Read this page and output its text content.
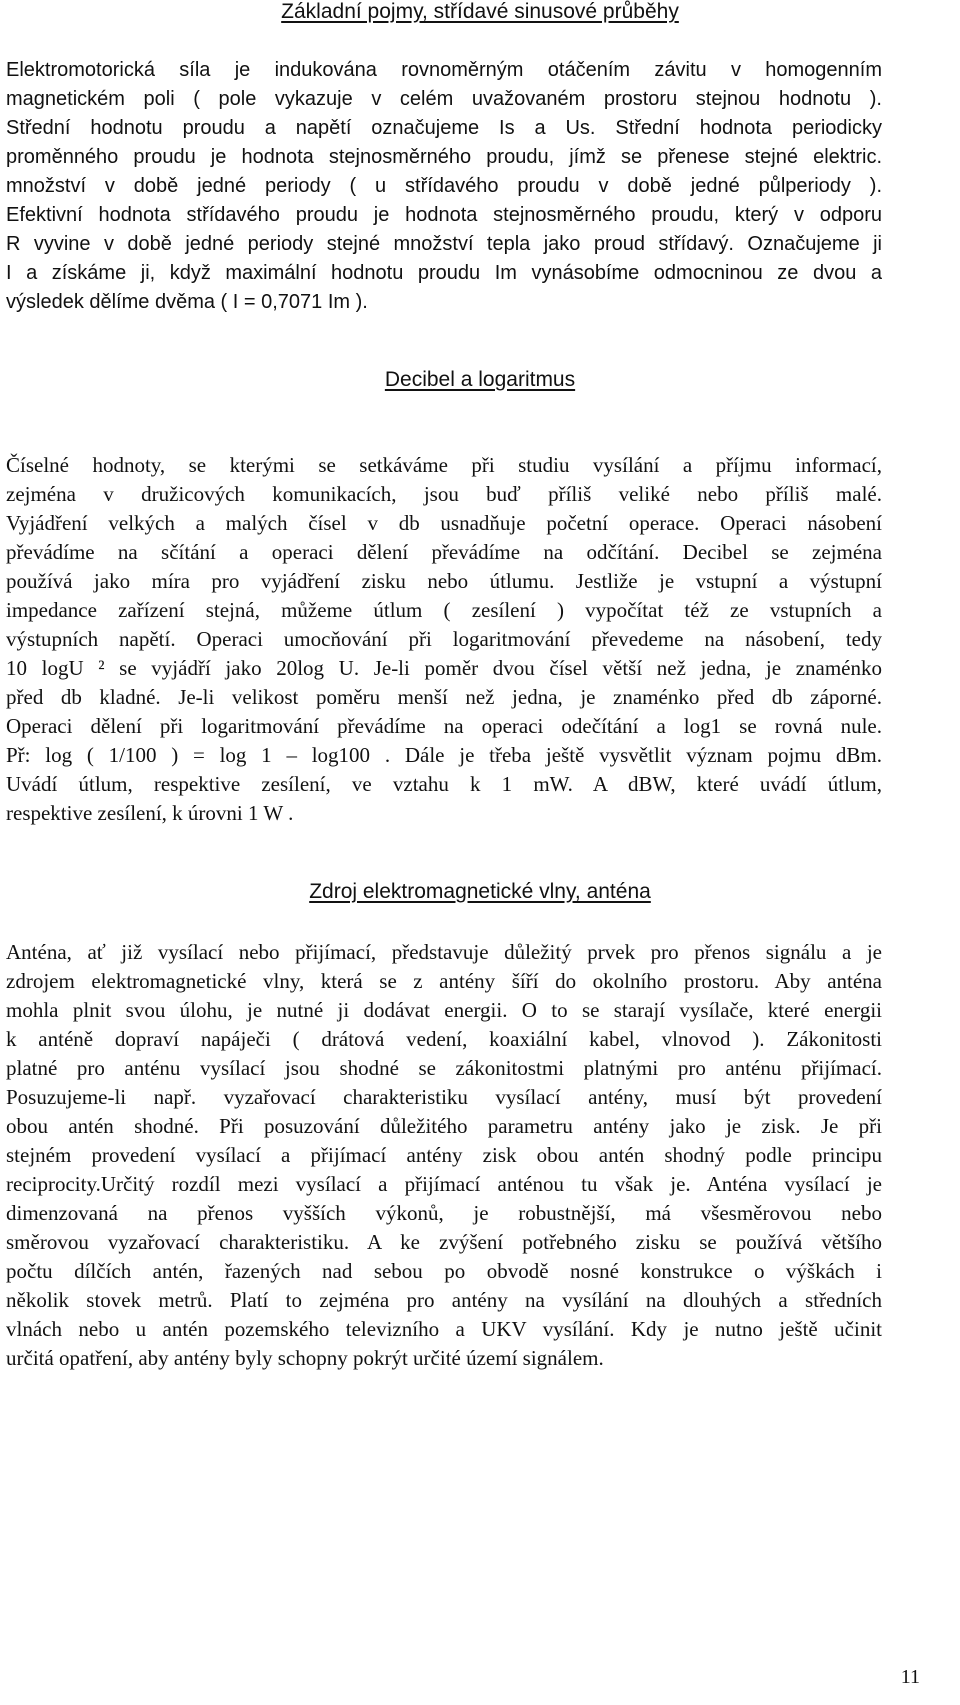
Základní pojmy, střídavé sinusové průběhy
Elektromotorická síla je indukována rovnoměrným otáčením závitu v homogenním
magnetickém poli ( pole vykazuje v celém uvažovaném prostoru stejnou hodnotu ).
Střední hodnotu proudu a napětí označujeme Is a Us. Střední hodnota periodicky
proměnného proudu je hodnota stejnosměrného proudu, jímž se přenese stejné elektric.
množství v době jedné periody ( u střídavého proudu v době jedné půlperiody ).
Efektivní hodnota střídavého proudu je hodnota stejnosměrného proudu, který v odporu
R vyvine v době jedné periody stejné množství tepla jako proud střídavý. Označujeme ji
I a získáme ji, když maximální hodnotu proudu Im vynásobíme odmocninou ze dvou a
výsledek dělíme dvěma ( I = 0,7071 Im ).
Decibel a logaritmus
Číselné hodnoty, se kterými se setkáváme při studiu vysílání a příjmu informací,
zejména v družicových komunikacích, jsou buď příliš veliké nebo příliš malé.
Vyjádření velkých a malých čísel v db usnadňuje početní operace. Operaci násobení
převádíme na sčítání a operaci dělení převádíme na odčítání. Decibel se zejména
používá jako míra pro vyjádření zisku nebo útlumu. Jestliže je vstupní a výstupní
impedance zařízení stejná, můžeme útlum ( zesílení ) vypočítat též ze vstupních a
výstupních napětí. Operaci umocňování při logaritmování převedeme na násobení, tedy
10 logU ² se vyjádří jako 20log U. Je-li poměr dvou čísel větší než jedna, je znaménko
před db kladné. Je-li velikost poměru menší než jedna, je znaménko před db záporné.
Operaci dělení při logaritmování převádíme na operaci odečítání a log1 se rovná nule.
Př: log ( 1/100 ) = log 1 – log100 . Dále je třeba ještě vysvětlit význam pojmu dBm.
Uvádí útlum, respektive zesílení, ve vztahu k 1 mW. A dBW, které uvádí útlum,
respektive zesílení, k úrovni 1 W .
Zdroj elektromagnetické vlny, anténa
Anténa, ať již vysílací nebo přijímací, představuje důležitý prvek pro přenos signálu a je
zdrojem elektromagnetické vlny, která se z antény šíří do okolního prostoru. Aby anténa
mohla plnit svou úlohu, je nutné ji dodávat energii. O to se starají vysílače, které energii
k anténě dopraví napáječi ( drátová vedení, koaxiální kabel, vlnovod ). Zákonitosti
platné pro anténu vysílací jsou shodné se zákonitostmi platnými pro anténu přijímací.
Posuzujeme-li např. vyzařovací charakteristiku vysílací antény, musí být provedení
obou antén shodné. Při posuzování důležitého parametru antény jako je zisk. Je při
stejném provedení vysílací a přijímací antény zisk obou antén shodný podle principu
reciprocity.Určitý rozdíl mezi vysílací a přijímací anténou tu však je. Anténa vysílací je
dimenzovaná na přenos vyšších výkonů, je robustnější, má všesměrovou nebo
směrovou vyzařovací charakteristiku. A ke zvýšení potřebného zisku se používá většího
počtu dílčích antén, řazených nad sebou po obvodě nosné konstrukce o výškách i
několik stovek metrů. Platí to zejména pro antény na vysílání na dlouhých a středních
vlnách nebo u antén pozemského televizního a UKV vysílání. Kdy je nutno ještě učinit
určitá opatření, aby antény byly schopny pokrýt určité území signálem.

11
